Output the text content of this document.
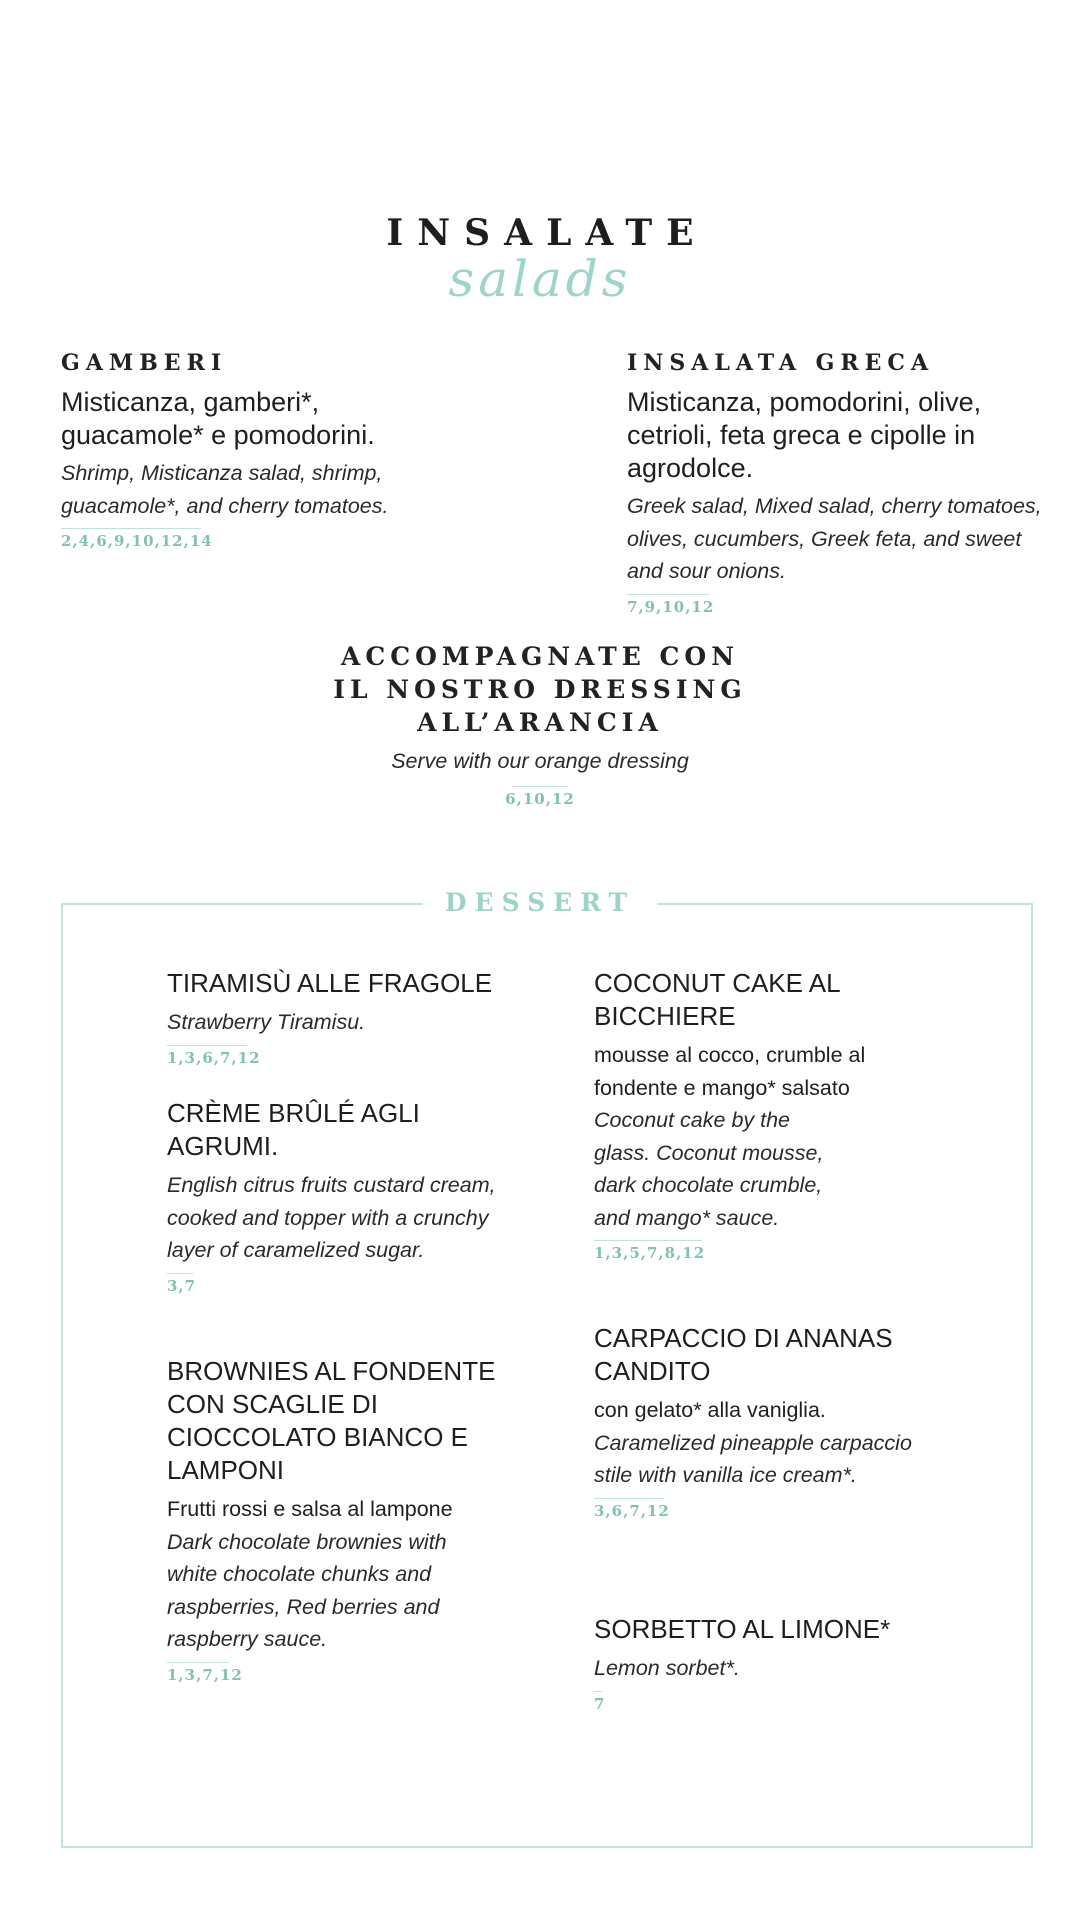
INSALATE
salads
GAMBERI
Misticanza, gamberi*, guacamole* e pomodorini.
Shrimp, Misticanza salad, shrimp, guacamole*, and cherry tomatoes.
2,4,6,9,10,12,14
INSALATA GRECA
Misticanza, pomodorini, olive, cetrioli, feta greca e cipolle in agrodolce.
Greek salad, Mixed salad, cherry tomatoes, olives, cucumbers, Greek feta, and sweet and sour onions.
7,9,10,12
ACCOMPAGNATE CON
IL NOSTRO DRESSING
ALL’ARANCIA
Serve with our orange dressing
6,10,12
DESSERT
TIRAMISÙ ALLE FRAGOLE
Strawberry Tiramisu.
1,3,6,7,12
CRÈME BRÛLÉ AGLI AGRUMI.
English citrus fruits custard cream, cooked and topper with a crunchy layer of caramelized sugar.
3,7
BROWNIES AL FONDENTE CON SCAGLIE DI CIOCCOLATO BIANCO E LAMPONI
Frutti rossi e salsa al lampone
Dark chocolate brownies with white chocolate chunks and raspberries, Red berries and raspberry sauce.
1,3,7,12
COCONUT CAKE AL BICCHIERE
mousse al cocco, crumble al fondente e mango* salsato
Coconut cake by the glass. Coconut mousse, dark chocolate crumble, and mango* sauce.
1,3,5,7,8,12
CARPACCIO DI ANANAS CANDITO
con gelato* alla vaniglia.
Caramelized pineapple carpaccio stile with vanilla ice cream*.
3,6,7,12
SORBETTO AL LIMONE*
Lemon sorbet*.
7
